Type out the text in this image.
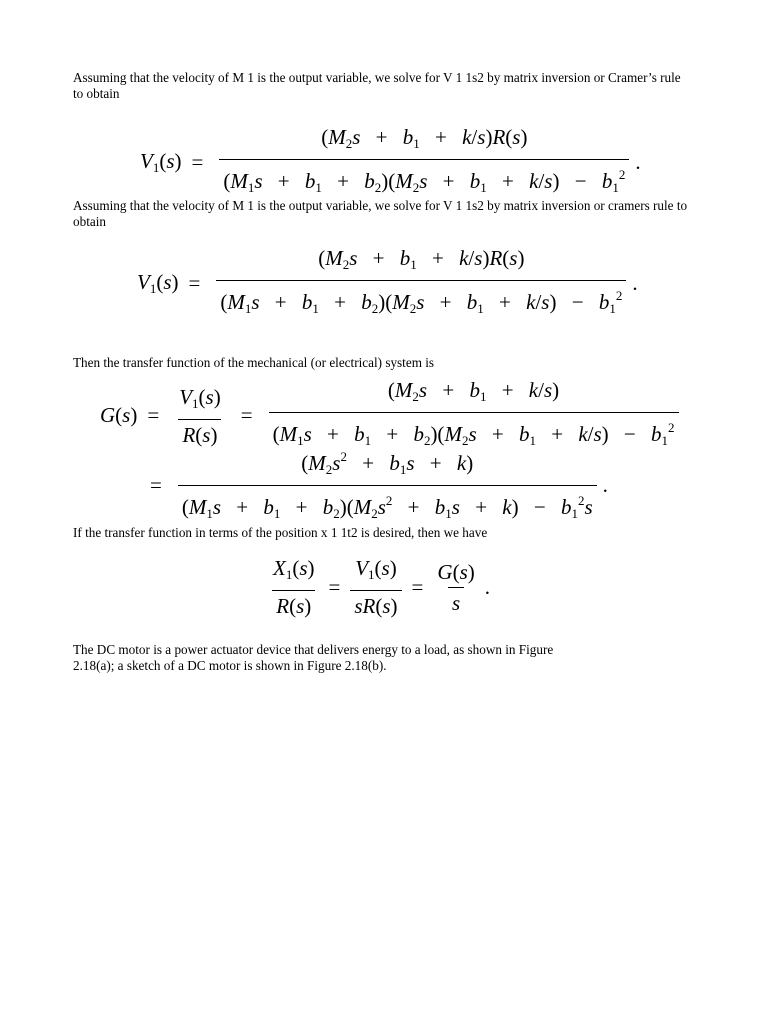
Assuming that the velocity of M 1 is the output variable, we solve for V 1 1s2 by matrix inversion or Cramer’s rule to obtain

$V_1(s) = \frac{(M_2s + b_1 + k/s)R(s)}{(M_1s + b_1 + b_2)(M_2s + b_1 + k/s) - b_1^2}$ .

Assuming that the velocity of M 1 is the output variable, we solve for V 1 1s2 by matrix inversion or cramers rule to obtain

$V_1(s) = \frac{(M_2s + b_1 + k/s)R(s)}{(M_1s + b_1 + b_2)(M_2s + b_1 + k/s) - b_1^2}$ .

Then the transfer function of the mechanical (or electrical) system is

$G(s) = \frac{V_1(s)}{R(s)} = \frac{(M_2s + b_1 + k/s)}{(M_1s + b_1 + b_2)(M_2s + b_1 + k/s) - b_1^2}$
= $\frac{(M_2s^2 + b_1s + k)}{(M_1s + b_1 + b_2)(M_2s^2 + b_1s + k) - b_1^2s}$ .

If the transfer function in terms of the position x 1 1t2 is desired, then we have

$\frac{X_1(s)}{R(s)} = \frac{V_1(s)}{sR(s)} = \frac{G(s)}{s}$ .

The DC motor is a power actuator device that delivers energy to a load, as shown in Figure 2.18(a); a sketch of a DC motor is shown in Figure 2.18(b).
